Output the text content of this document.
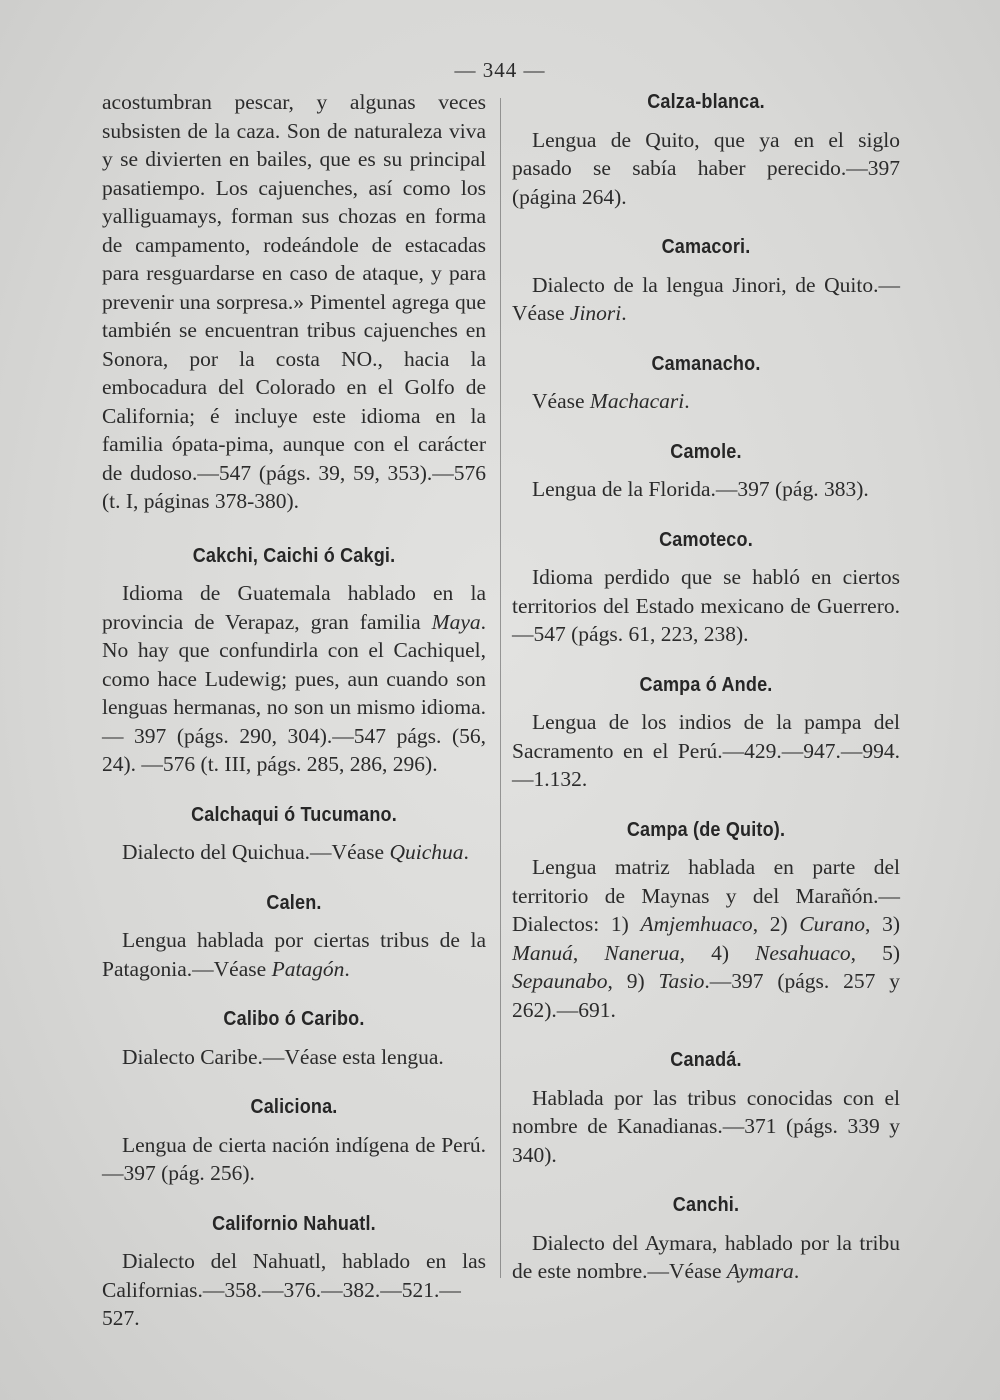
— 344 —

acostumbran pescar, y algunas veces subsisten de la caza. Son de naturaleza viva y se divierten en bailes, que es su principal pasatiempo. Los cajuenches, así como los yalliguamays, forman sus chozas en forma de campamento, rodeándole de estacadas para resguardarse en caso de ataque, y para prevenir una sorpresa.» Pimentel agrega que también se encuentran tribus cajuenches en Sonora, por la costa NO., hacia la embocadura del Colorado en el Golfo de California; é incluye este idioma en la familia ópata-pima, aunque con el carácter de dudoso.—547 (págs. 39, 59, 353).—576 (t. I, páginas 378-380).

Cakchi, Caichi ó Cakgi.

Idioma de Guatemala hablado en la provincia de Verapaz, gran familia Maya. No hay que confundirla con el Cachiquel, como hace Ludewig; pues, aun cuando son lenguas hermanas, no son un mismo idioma.— 397 (págs. 290, 304).—547 págs. (56, 24). —576 (t. III, págs. 285, 286, 296).

Calchaqui ó Tucumano.

Dialecto del Quichua.—Véase Quichua.

Calen.

Lengua hablada por ciertas tribus de la Patagonia.—Véase Patagón.

Calibo ó Caribo.

Dialecto Caribe.—Véase esta lengua.

Caliciona.

Lengua de cierta nación indígena de Perú.—397 (pág. 256).

Californio Nahuatl.

Dialecto del Nahuatl, hablado en las Californias.—358.—376.—382.—521.—527.

Calza-blanca.

Lengua de Quito, que ya en el siglo pasado se sabía haber perecido.—397 (página 264).

Camacori.

Dialecto de la lengua Jinori, de Quito.— Véase Jinori.

Camanacho.

Véase Machacari.

Camole.

Lengua de la Florida.—397 (pág. 383).

Camoteco.

Idioma perdido que se habló en ciertos territorios del Estado mexicano de Guerrero.—547 (págs. 61, 223, 238).

Campa ó Ande.

Lengua de los indios de la pampa del Sacramento en el Perú.—429.—947.—994. —1.132.

Campa (de Quito).

Lengua matriz hablada en parte del territorio de Maynas y del Marañón.—Dialectos: 1) Amjemhuaco, 2) Curano, 3) Manuá, Nanerua, 4) Nesahuaco, 5) Sepaunabo, 9) Tasio.—397 (págs. 257 y 262).—691.

Canadá.

Hablada por las tribus conocidas con el nombre de Kanadianas.—371 (págs. 339 y 340).

Canchi.

Dialecto del Aymara, hablado por la tribu de este nombre.—Véase Aymara.
